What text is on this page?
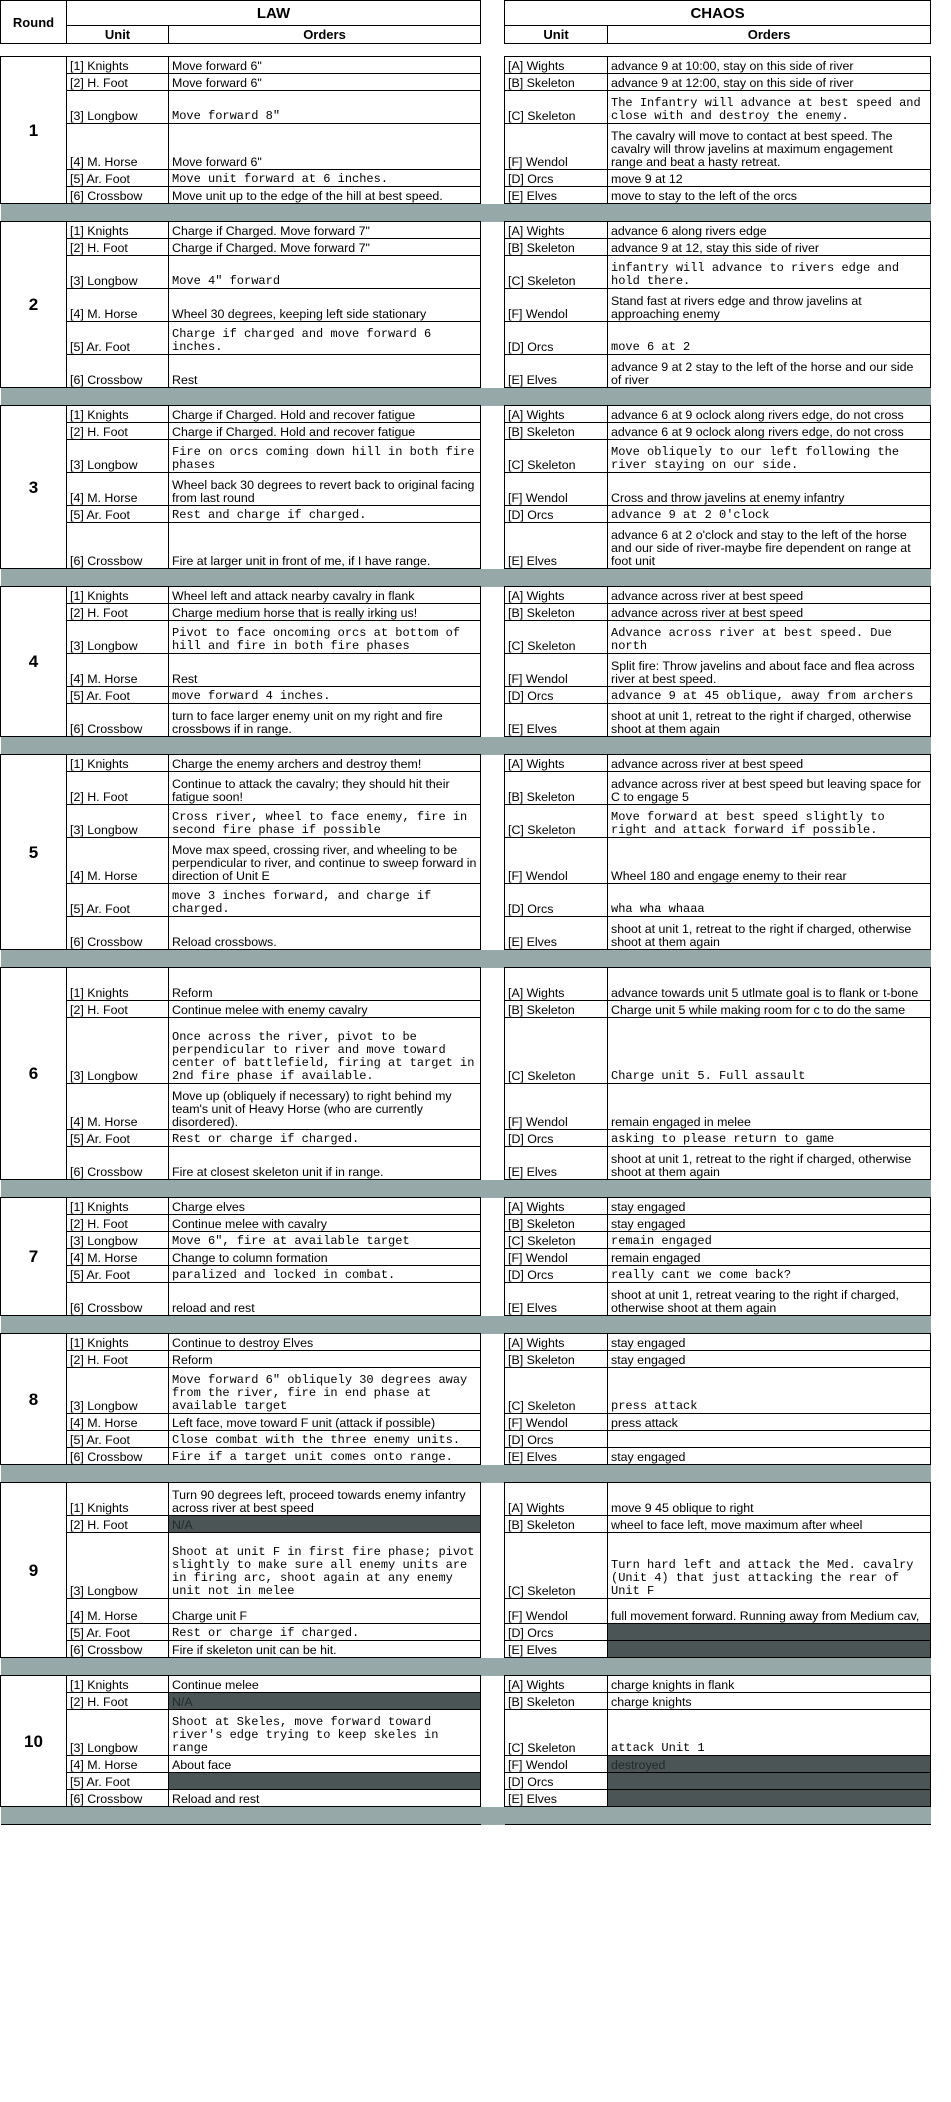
Round	LAW			CHAOS	
	Unit	Orders		Unit	Orders

1	[1] Knights	Move forward 6"		[A] Wights	advance 9 at 10:00, stay on this side of river
	[2] H. Foot	Move forward 6"		[B] Skeleton	advance 9 at 12:00, stay on this side of river
	[3] Longbow	Move forward 8"		[C] Skeleton	The Infantry will advance at best speed and close with and destroy the enemy.
	[4] M. Horse	Move forward 6"		[F] Wendol	The cavalry will move to contact at best speed. The cavalry will throw javelins at maximum engagement range and beat a hasty retreat.
	[5] Ar. Foot	Move unit forward at 6 inches.		[D] Orcs	move 9 at 12
	[6] Crossbow	Move unit up to the edge of the hill at best speed.		[E] Elves	move to stay to the left of the orcs

2	[1] Knights	Charge if Charged. Move forward 7"		[A] Wights	advance 6 along rivers edge
	[2] H. Foot	Charge if Charged. Move forward 7"		[B] Skeleton	advance 9 at 12, stay this side of river
	[3] Longbow	Move 4" forward		[C] Skeleton	infantry will advance to rivers edge and hold there.
	[4] M. Horse	Wheel 30 degrees, keeping left side stationary		[F] Wendol	Stand fast at rivers edge and throw javelins at approaching enemy
	[5] Ar. Foot	Charge if charged and move forward 6 inches.		[D] Orcs	move 6 at 2
	[6] Crossbow	Rest		[E] Elves	advance 9 at 2 stay to the left of the horse and our side of river

3	[1] Knights	Charge if Charged. Hold and recover fatigue		[A] Wights	advance 6 at 9 oclock along rivers edge, do not cross
	[2] H. Foot	Charge if Charged. Hold and recover fatigue		[B] Skeleton	advance 6 at 9 oclock along rivers edge, do not cross
	[3] Longbow	Fire on orcs coming down hill in both fire phases		[C] Skeleton	Move obliquely to our left following the river staying on our side.
	[4] M. Horse	Wheel back 30 degrees to revert back to original facing from last round		[F] Wendol	Cross and throw javelins at enemy infantry
	[5] Ar. Foot	Rest and charge if charged.		[D] Orcs	advance 9 at 2 0'clock
	[6] Crossbow	Fire at larger unit in front of me, if I have range.		[E] Elves	advance 6 at 2 o'clock and stay to the left of the horse and our side of river-maybe fire dependent on range at foot unit

4	[1] Knights	Wheel left and attack nearby cavalry in flank		[A] Wights	advance across river at best speed
	[2] H. Foot	Charge medium horse that is really irking us!		[B] Skeleton	advance across river at best speed
	[3] Longbow	Pivot to face oncoming orcs at bottom of hill and fire in both fire phases		[C] Skeleton	Advance across river at best speed. Due north
	[4] M. Horse	Rest		[F] Wendol	Split fire: Throw javelins and about face and flea across river at best speed.
	[5] Ar. Foot	move forward 4 inches.		[D] Orcs	advance 9 at 45 oblique, away from archers
	[6] Crossbow	turn to face larger enemy unit on my right and fire crossbows if in range.		[E] Elves	shoot at unit 1, retreat to the right if charged, otherwise shoot at them again

5	[1] Knights	Charge the enemy archers and destroy them!		[A] Wights	advance across river at best speed
	[2] H. Foot	Continue to attack the cavalry; they should hit their fatigue soon!		[B] Skeleton	advance across river at best speed but leaving space for C to engage 5
	[3] Longbow	Cross river, wheel to face enemy, fire in second fire phase if possible		[C] Skeleton	Move forward at best speed slightly to right and attack forward if possible.
	[4] M. Horse	Move max speed, crossing river, and wheeling to be perpendicular to river, and continue to sweep forward in direction of Unit E		[F] Wendol	Wheel 180 and engage enemy to their rear
	[5] Ar. Foot	move 3 inches forward, and charge if charged.		[D] Orcs	wha wha whaaa
	[6] Crossbow	Reload crossbows.		[E] Elves	shoot at unit 1, retreat to the right if charged, otherwise shoot at them again

6	[1] Knights	Reform		[A] Wights	advance towards unit 5 utlmate goal is to flank or t-bone
	[2] H. Foot	Continue melee with enemy cavalry		[B] Skeleton	Charge unit 5 while making room for c to do the same
	[3] Longbow	Once across the river, pivot to be perpendicular to river and move toward center of battlefield, firing at target in 2nd fire phase if available.		[C] Skeleton	Charge unit 5. Full assault
	[4] M. Horse	Move up (obliquely if necessary) to right behind my team's unit of Heavy Horse (who are currently disordered).		[F] Wendol	remain engaged in melee
	[5] Ar. Foot	Rest or charge if charged.		[D] Orcs	asking to please return to game
	[6] Crossbow	Fire at closest skeleton unit if in range.		[E] Elves	shoot at unit 1, retreat to the right if charged, otherwise shoot at them again

7	[1] Knights	Charge elves		[A] Wights	stay engaged
	[2] H. Foot	Continue melee with cavalry		[B] Skeleton	stay engaged
	[3] Longbow	Move 6", fire at available target		[C] Skeleton	remain engaged
	[4] M. Horse	Change to column formation		[F] Wendol	remain engaged
	[5] Ar. Foot	paralized and locked in combat.		[D] Orcs	really cant we come back?
	[6] Crossbow	reload and rest		[E] Elves	shoot at unit 1, retreat vearing to the right if charged, otherwise shoot at them again

8	[1] Knights	Continue to destroy Elves		[A] Wights	stay engaged
	[2] H. Foot	Reform		[B] Skeleton	stay engaged
	[3] Longbow	Move forward 6" obliquely 30 degrees away from the river, fire in end phase at available target		[C] Skeleton	press attack
	[4] M. Horse	Left face, move toward F unit (attack if possible)		[F] Wendol	press attack
	[5] Ar. Foot	Close combat with the three enemy units.		[D] Orcs	
	[6] Crossbow	Fire if a target unit comes onto range.		[E] Elves	stay engaged

9	[1] Knights	Turn 90 degrees left, proceed towards enemy infantry across river at best speed		[A] Wights	move 9 45 oblique to right
	[2] H. Foot	N/A		[B] Skeleton	wheel to face left, move maximum after wheel
	[3] Longbow	Shoot at unit F in first fire phase; pivot slightly to make sure all enemy units are in firing arc, shoot again at any enemy unit not in melee		[C] Skeleton	Turn hard left and attack the Med. cavalry (Unit 4) that just attacking the rear of Unit F
	[4] M. Horse	Charge unit F		[F] Wendol	full movement forward. Running away from Medium cav,
	[5] Ar. Foot	Rest or charge if charged.		[D] Orcs	
	[6] Crossbow	Fire if skeleton unit can be hit.		[E] Elves	

10	[1] Knights	Continue melee		[A] Wights	charge knights in flank
	[2] H. Foot	N/A		[B] Skeleton	charge knights
	[3] Longbow	Shoot at Skeles, move forward toward river's edge trying to keep skeles in range		[C] Skeleton	attack Unit 1
	[4] M. Horse	About face		[F] Wendol	destroyed
	[5] Ar. Foot			[D] Orcs	
	[6] Crossbow	Reload and rest		[E] Elves	
